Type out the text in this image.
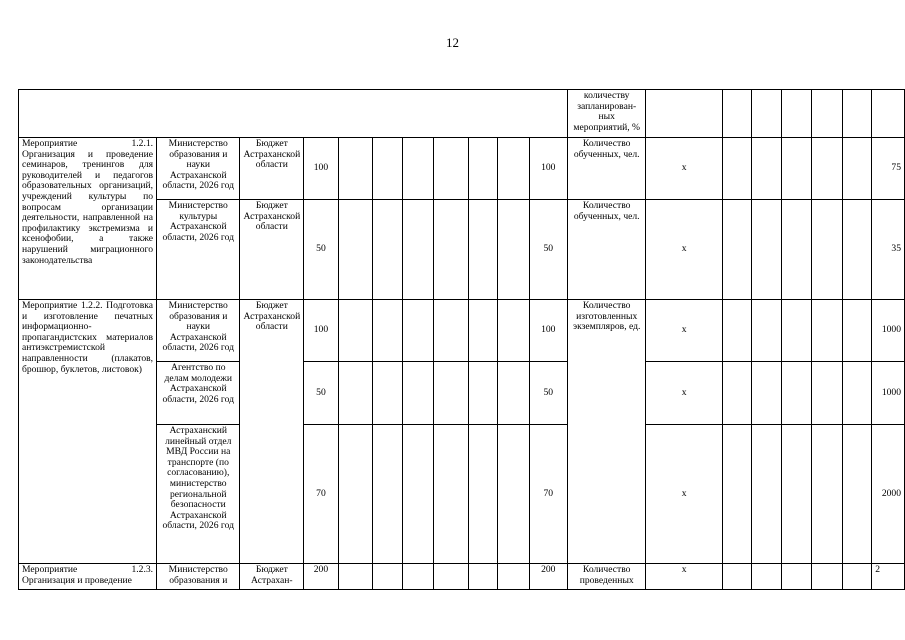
12
											количеству запланирован-ных мероприятий, %							
Мероприятие 1.2.1. Организация и проведение семинаров, тренингов для руководителей и педагогов образовательных организаций, учреждений культуры по вопросам организации деятельности, направленной на профилактику экстремизма и ксенофобии, а также нарушений миграционного законодательства	Министерство образования и науки Астраханской области, 2026 год	Бюджет Астраханской области	100							100	Количество обученных, чел.	х						75
	Министерство культуры Астраханской области, 2026 год	Бюджет Астраханской области	50							50	Количество обученных, чел.	х						35
Мероприятие 1.2.2. Подготовка и изготовление печатных информационно-пропагандистских материалов антиэкстремистской направленности (плакатов, брошюр, буклетов, листовок)	Министерство образования и науки Астраханской области, 2026 год	Бюджет Астраханской области	100							100	Количество изготовленных экземпляров, ед.	х						1000
	Агентство по делам молодежи Астраханской области, 2026 год		50							50		х						1000
	Астраханский линейный отдел МВД России на транспорте (по согласованию), министерство региональной безопасности Астраханской области, 2026 год		70							70		х						2000
Мероприятие 1.2.3. Организация и проведение	Министерство образования и	Бюджет Астрахан-	200							200	Количество проведенных	х						2
